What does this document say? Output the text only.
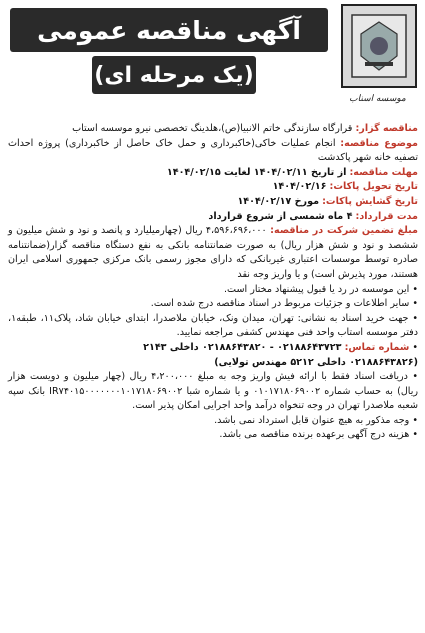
آگهی مناقصه عمومی
(یک مرحله ای)
موسسه اسناب

مناقصه گزار: قرارگاه سازندگی خاتم الانبیا(ص)،هلدینگ تخصصی نیرو موسسه استاب

موضوع مناقصه: انجام عملیات خاکی(خاکبرداری و حمل خاک حاصل از خاکبرداری) پروژه احداث تصفیه خانه شهر پاکدشت

مهلت مناقصه: از تاریخ ۱۴۰۴/۰۲/۱۱ لغایت ۱۴۰۴/۰۲/۱۵

تاریخ تحویل پاکات: ۱۴۰۴/۰۲/۱۶

تاریخ گشایش پاکات: مورخ ۱۴۰۴/۰۲/۱۷

مدت قرارداد: ۴ ماه شمسی از شروع قرارداد

مبلغ تضمین شرکت در مناقصه: ۴،۵۹۶،۶۹۶،۰۰۰ ریال (چهارمیلیارد و پانصد و نود و شش میلیون و ششصد و نود و شش هزار ریال) به صورت ضمانتنامه بانکی به نفع دستگاه مناقصه گزار(ضمانتنامه صادره توسط موسسات اعتباری غیربانکی که دارای مجوز رسمی بانک مرکزی جمهوری اسلامی ایران هستند، مورد پذیرش است) و یا واریز وجه نقد

• این موسسه در رد یا قبول پیشنهاد مختار است.

• سایر اطلاعات و جزئیات مربوط در اسناد مناقصه درج شده است.

• جهت خرید اسناد به نشانی: تهران، میدان ونک، خیابان ملاصدرا، ابتدای خیابان شاد، پلاک۱۱، طبقه۱، دفتر موسسه استاب واحد فنی مهندس کشفی مراجعه نمایید.

• شماره تماس: ۰۲۱۸۸۶۴۳۷۲۳ - ۰۲۱۸۸۶۴۳۸۲۰ داخلی ۲۱۴۳

(۰۲۱۸۸۶۴۳۸۲۶ داخلی ۵۲۱۲ مهندس تولایی)

• دریافت اسناد فقط با ارائه فیش واریز وجه به مبلغ ۴،۲۰۰،۰۰۰ ریال (چهار میلیون و دویست هزار ریال) به حساب شماره ۰۱۰۱۷۱۸۰۶۹۰۰۲ و یا شماره شبا IR۷۴۰۱۵۰۰۰۰۰۰۰۱۰۱۷۱۸۰۶۹۰۰۲ بانک سپه شعبه ملاصدرا تهران در وجه تنخواه درآمد واحد اجرایی امکان پذیر است.

• وجه مذکور به هیچ عنوان قابل استرداد نمی باشد.

• هزینه درج آگهی برعهده برنده مناقصه می باشد.
